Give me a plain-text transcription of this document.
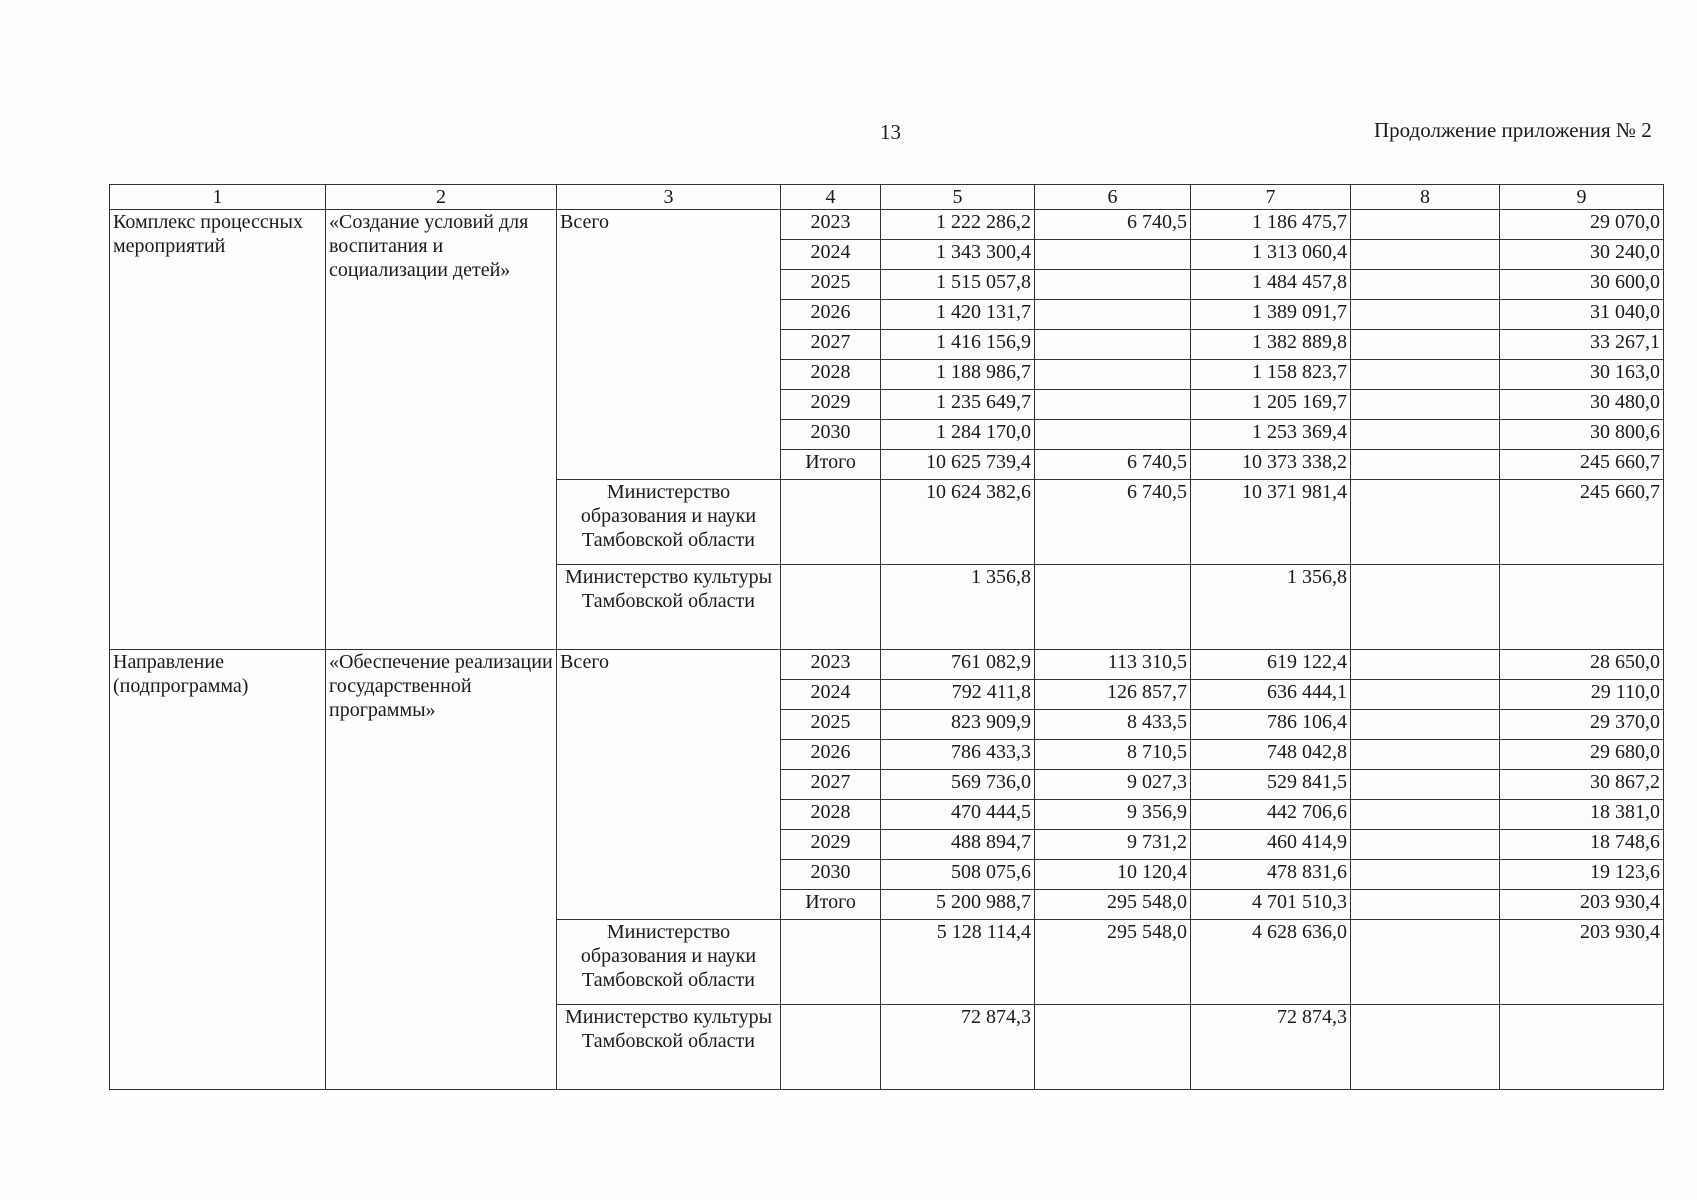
13	Продолжение приложения № 2
1	2	3	4	5	6	7	8	9
Комплекс процессных мероприятий	«Создание условий для воспитания и социализации детей»	Всего	2023	1 222 286,2	6 740,5	1 186 475,7		29 070,0
			2024	1 343 300,4		1 313 060,4		30 240,0
			2025	1 515 057,8		1 484 457,8		30 600,0
			2026	1 420 131,7		1 389 091,7		31 040,0
			2027	1 416 156,9		1 382 889,8		33 267,1
			2028	1 188 986,7		1 158 823,7		30 163,0
			2029	1 235 649,7		1 205 169,7		30 480,0
			2030	1 284 170,0		1 253 369,4		30 800,6
			Итого	10 625 739,4	6 740,5	10 373 338,2		245 660,7
		Министерство образования и науки Тамбовской области		10 624 382,6	6 740,5	10 371 981,4		245 660,7
		Министерство культуры Тамбовской области		1 356,8		1 356,8		
Направление (подпрограмма)	«Обеспечение реализации государственной программы»	Всего	2023	761 082,9	113 310,5	619 122,4		28 650,0
			2024	792 411,8	126 857,7	636 444,1		29 110,0
			2025	823 909,9	8 433,5	786 106,4		29 370,0
			2026	786 433,3	8 710,5	748 042,8		29 680,0
			2027	569 736,0	9 027,3	529 841,5		30 867,2
			2028	470 444,5	9 356,9	442 706,6		18 381,0
			2029	488 894,7	9 731,2	460 414,9		18 748,6
			2030	508 075,6	10 120,4	478 831,6		19 123,6
			Итого	5 200 988,7	295 548,0	4 701 510,3		203 930,4
		Министерство образования и науки Тамбовской области		5 128 114,4	295 548,0	4 628 636,0		203 930,4
		Министерство культуры Тамбовской области		72 874,3		72 874,3		
